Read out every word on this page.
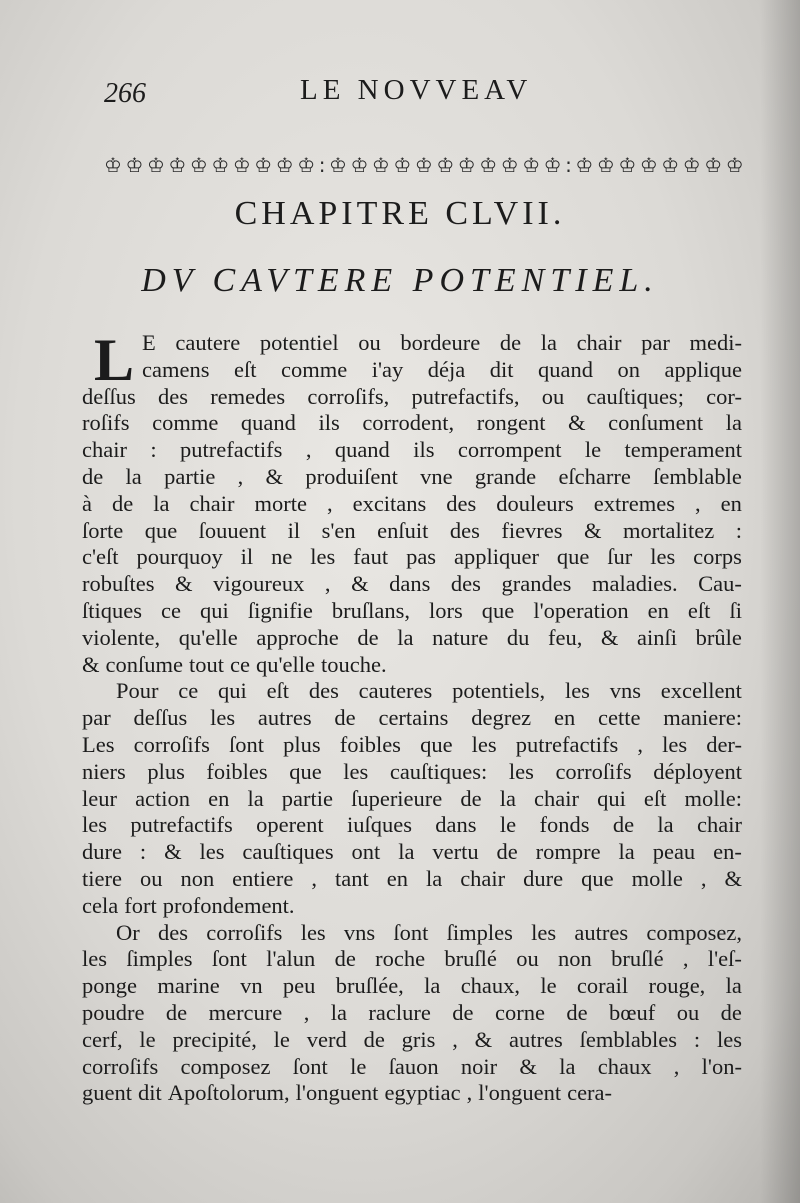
266	LE NOVVEAV
♔ ♔ ♔ ♔ ♔ ♔ ♔ ♔ ♔ ♔ : ♔ ♔ ♔ ♔ ♔ ♔ ♔ ♔ ♔ ♔ ♔ : ♔ ♔ ♔ ♔ ♔ ♔ ♔ ♔
CHAPITRE CLVII.
DV CAVTERE POTENTIEL.
L E cautere potentiel ou bordeure de la chair par medi-
camens eſt comme i'ay déja dit quand on applique
deſſus des remedes corroſifs, putrefactifs, ou cauſtiques; cor-
roſifs comme quand ils corrodent, rongent & conſument la
chair : putrefactifs , quand ils corrompent le temperament
de la partie , & produiſent vne grande eſcharre ſemblable
à de la chair morte , excitans des douleurs extremes , en
ſorte que ſouuent il s'en enſuit des fievres & mortalitez :
c'eſt pourquoy il ne les faut pas appliquer que ſur les corps
robuſtes & vigoureux , & dans des grandes maladies. Cau-
ſtiques ce qui ſignifie bruſlans, lors que l'operation en eſt ſi
violente, qu'elle approche de la nature du feu, & ainſi brûle
& conſume tout ce qu'elle touche.
Pour ce qui eſt des cauteres potentiels, les vns excellent
par deſſus les autres de certains degrez en cette maniere:
Les corroſifs ſont plus foibles que les putrefactifs , les der-
niers plus foibles que les cauſtiques: les corroſifs déployent
leur action en la partie ſuperieure de la chair qui eſt molle:
les putrefactifs operent iuſques dans le fonds de la chair
dure : & les cauſtiques ont la vertu de rompre la peau en-
tiere ou non entiere , tant en la chair dure que molle , &
cela fort profondement.
Or des corroſifs les vns ſont ſimples les autres composez,
les ſimples ſont l'alun de roche bruſlé ou non bruſlé , l'eſ-
ponge marine vn peu bruſlée, la chaux, le corail rouge, la
poudre de mercure , la raclure de corne de bœuf ou de
cerf, le precipité, le verd de gris , & autres ſemblables : les
corroſifs composez ſont le ſauon noir & la chaux , l'on-
guent dit Apoſtolorum, l'onguent egyptiac , l'onguent cera-
